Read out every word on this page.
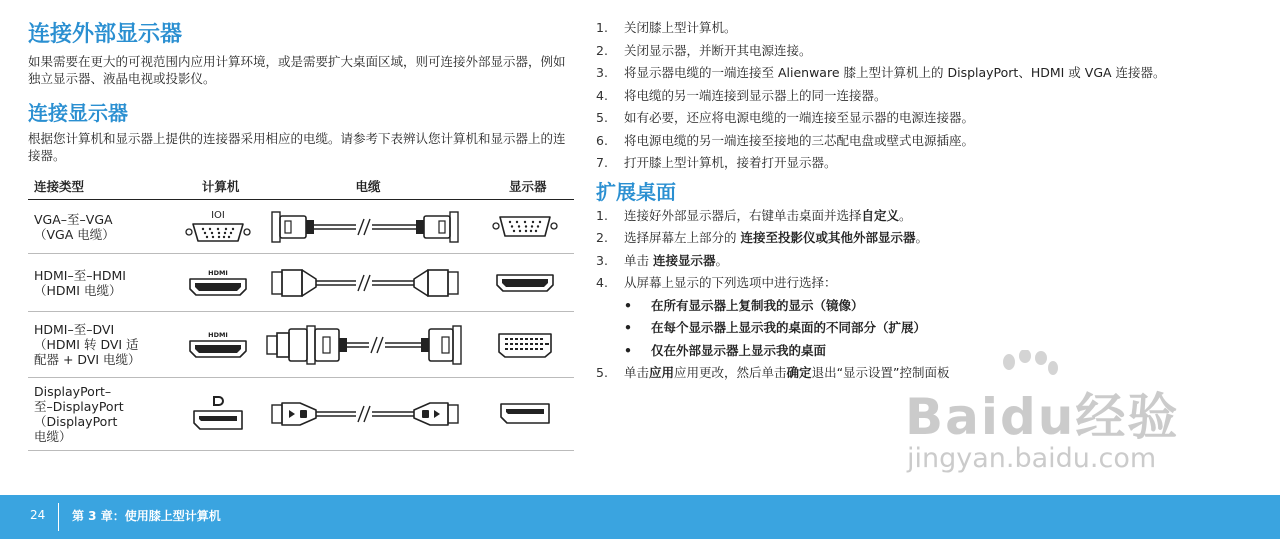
连接外部显示器

如果需要在更大的可视范围内应用计算环境，或是需要扩大桌面区域，则可连接外部显示器，例如独立显示器、液晶电视或投影仪。

连接显示器

根据您计算机和显示器上提供的连接器采用相应的电缆。请参考下表辨认您计算机和显示器上的连接器。

连接类型	计算机	电缆	显示器

VGA–至–VGA
（VGA 电缆）	IOI

HDMI–至–HDMI
（HDMI 电缆）	HDMI

HDMI–至–DVI
（HDMI 转 DVI 适
配器 + DVI 电缆）	HDMI

DisplayPort–
至–DisplayPort
（DisplayPort
电缆）

1. 关闭膝上型计算机。
2. 关闭显示器，并断开其电源连接。
3. 将显示器电缆的一端连接至 Alienware 膝上型计算机上的 DisplayPort、HDMI 或 VGA 连接器。
4. 将电缆的另一端连接到显示器上的同一连接器。
5. 如有必要，还应将电源电缆的一端连接至显示器的电源连接器。
6. 将电源电缆的另一端连接至接地的三芯配电盘或壁式电源插座。
7. 打开膝上型计算机，接着打开显示器。
扩展桌面
1. 连接好外部显示器后，右键单击桌面并选择自定义。
2. 选择屏幕左上部分的 连接至投影仪或其他外部显示器。
3. 单击 连接显示器。
4. 从屏幕上显示的下列选项中进行选择：
• 在所有显示器上复制我的显示（镜像）
• 在每个显示器上显示我的桌面的不同部分（扩展）
• 仅在外部显示器上显示我的桌面
5. 单击应用应用更改，然后单击确定退出“显示设置”控制面板
Baidu经验
jingyan.baidu.com
24 第 3 章：使用膝上型计算机
